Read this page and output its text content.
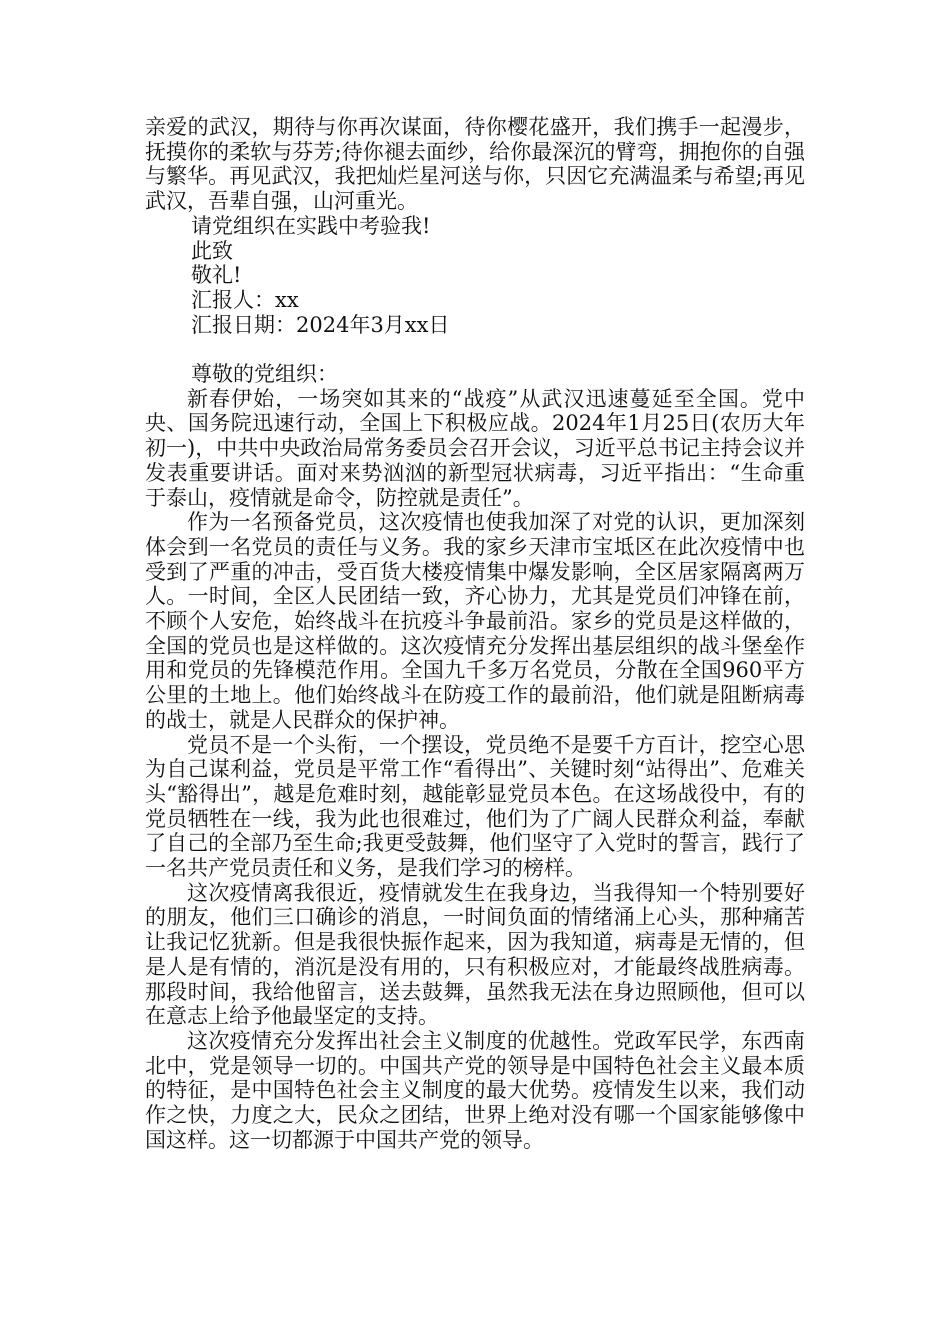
亲爱的武汉，期待与你再次谋面，待你樱花盛开，我们携手一起漫步，抚摸你的柔软与芬芳;待你褪去面纱，给你最深沉的臂弯，拥抱你的自强与繁华。再见武汉，我把灿烂星河送与你，只因它充满温柔与希望;再见武汉，吾辈自强，山河重光。

请党组织在实践中考验我!

此致

敬礼!

汇报人：xx

汇报日期：2024年3月xx日

尊敬的党组织：

新春伊始，一场突如其来的“战疫”从武汉迅速蔓延至全国。党中央、国务院迅速行动，全国上下积极应战。2024年1月25日(农历大年初一)，中共中央政治局常务委员会召开会议，习近平总书记主持会议并发表重要讲话。面对来势汹汹的新型冠状病毒，习近平指出：“生命重于泰山，疫情就是命令，防控就是责任”。

作为一名预备党员，这次疫情也使我加深了对党的认识，更加深刻体会到一名党员的责任与义务。我的家乡天津市宝坻区在此次疫情中也受到了严重的冲击，受百货大楼疫情集中爆发影响，全区居家隔离两万人。一时间，全区人民团结一致，齐心协力，尤其是党员们冲锋在前，不顾个人安危，始终战斗在抗疫斗争最前沿。家乡的党员是这样做的，全国的党员也是这样做的。这次疫情充分发挥出基层组织的战斗堡垒作用和党员的先锋模范作用。全国九千多万名党员，分散在全国960平方公里的土地上。他们始终战斗在防疫工作的最前沿，他们就是阻断病毒的战士，就是人民群众的保护神。

党员不是一个头衔，一个摆设，党员绝不是要千方百计，挖空心思为自己谋利益，党员是平常工作“看得出”、关键时刻“站得出”、危难关头“豁得出”，越是危难时刻，越能彰显党员本色。在这场战役中，有的党员牺牲在一线，我为此也很难过，他们为了广阔人民群众利益，奉献了自己的全部乃至生命;我更受鼓舞，他们坚守了入党时的誓言，践行了一名共产党员责任和义务，是我们学习的榜样。

这次疫情离我很近，疫情就发生在我身边，当我得知一个特别要好的朋友，他们三口确诊的消息，一时间负面的情绪涌上心头，那种痛苦让我记忆犹新。但是我很快振作起来，因为我知道，病毒是无情的，但是人是有情的，消沉是没有用的，只有积极应对，才能最终战胜病毒。那段时间，我给他留言，送去鼓舞，虽然我无法在身边照顾他，但可以在意志上给予他最坚定的支持。

这次疫情充分发挥出社会主义制度的优越性。党政军民学，东西南北中，党是领导一切的。中国共产党的领导是中国特色社会主义最本质的特征，是中国特色社会主义制度的最大优势。疫情发生以来，我们动作之快，力度之大，民众之团结，世界上绝对没有哪一个国家能够像中国这样。这一切都源于中国共产党的领导。
